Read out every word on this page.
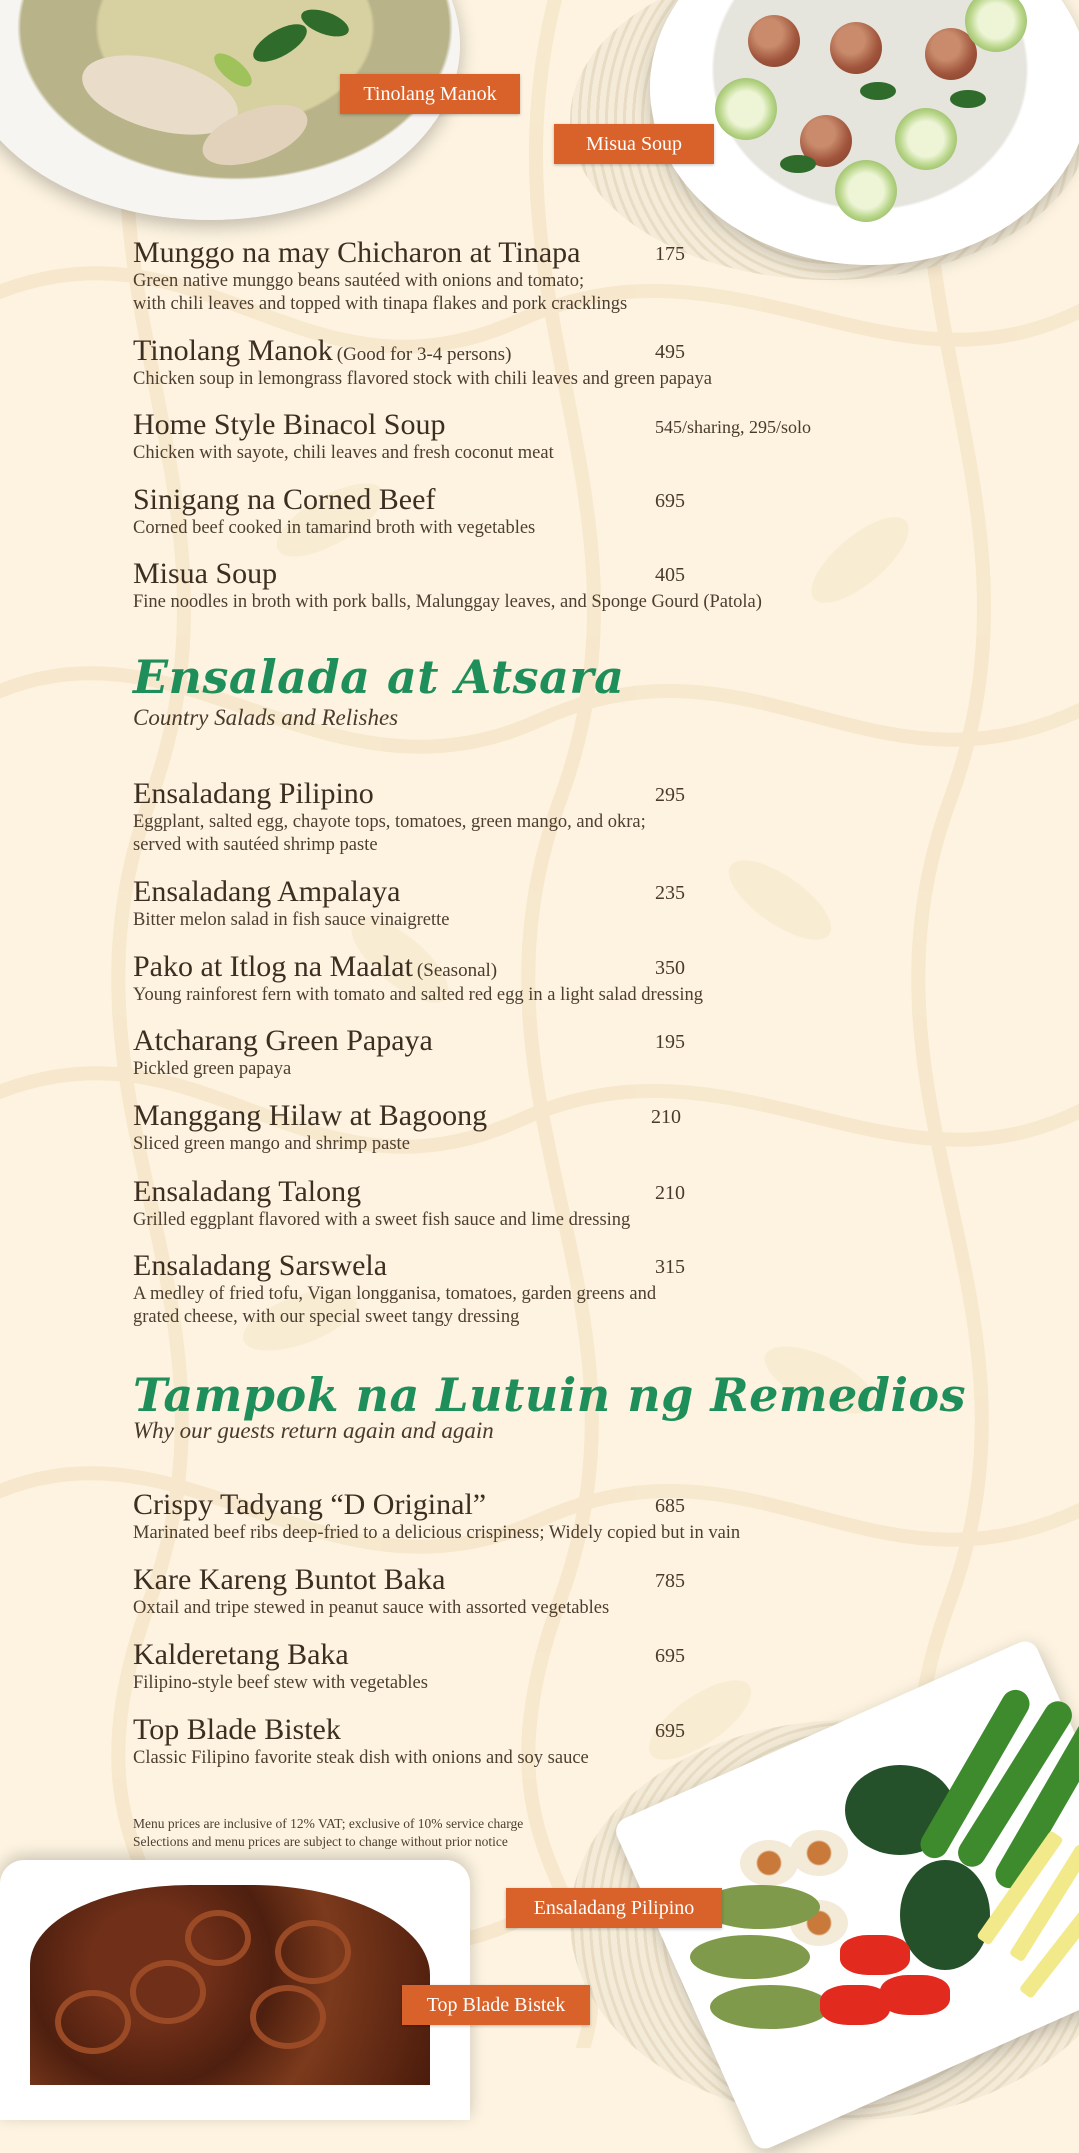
Tinolang Manok
Misua Soup
Ensaladang Pilipino
Top Blade Bistek
Munggo na may Chicharon at Tinapa	175
Green native munggo beans sautéed with onions and tomato;
with chili leaves and topped with tinapa flakes and pork cracklings
Tinolang Manok (Good for 3-4 persons)	495
Chicken soup in lemongrass flavored stock with chili leaves and green papaya
Home Style Binacol Soup	545/sharing, 295/solo
Chicken with sayote, chili leaves and fresh coconut meat
Sinigang na Corned Beef	695
Corned beef cooked in tamarind broth with vegetables
Misua Soup	405
Fine noodles in broth with pork balls, Malunggay leaves, and Sponge Gourd (Patola)
Ensalada at Atsara
Country Salads and Relishes
Ensaladang Pilipino	295
Eggplant, salted egg, chayote tops, tomatoes, green mango, and okra;
served with sautéed shrimp paste
Ensaladang Ampalaya	235
Bitter melon salad in fish sauce vinaigrette
Pako at Itlog na Maalat (Seasonal)	350
Young rainforest fern with tomato and salted red egg in a light salad dressing
Atcharang Green Papaya	195
Pickled green papaya
Manggang Hilaw at Bagoong	210
Sliced green mango and shrimp paste
Ensaladang Talong	210
Grilled eggplant flavored with a sweet fish sauce and lime dressing
Ensaladang Sarswela	315
A medley of fried tofu, Vigan longganisa, tomatoes, garden greens and
grated cheese, with our special sweet tangy dressing
Tampok na Lutuin ng Remedios
Why our guests return again and again
Crispy Tadyang “D Original”	685
Marinated beef ribs deep-fried to a delicious crispiness; Widely copied but in vain
Kare Kareng Buntot Baka	785
Oxtail and tripe stewed in peanut sauce with assorted vegetables
Kalderetang Baka	695
Filipino-style beef stew with vegetables
Top Blade Bistek	695
Classic Filipino favorite steak dish with onions and soy sauce
Menu prices are inclusive of 12% VAT; exclusive of 10% service charge
Selections and menu prices are subject to change without prior notice
